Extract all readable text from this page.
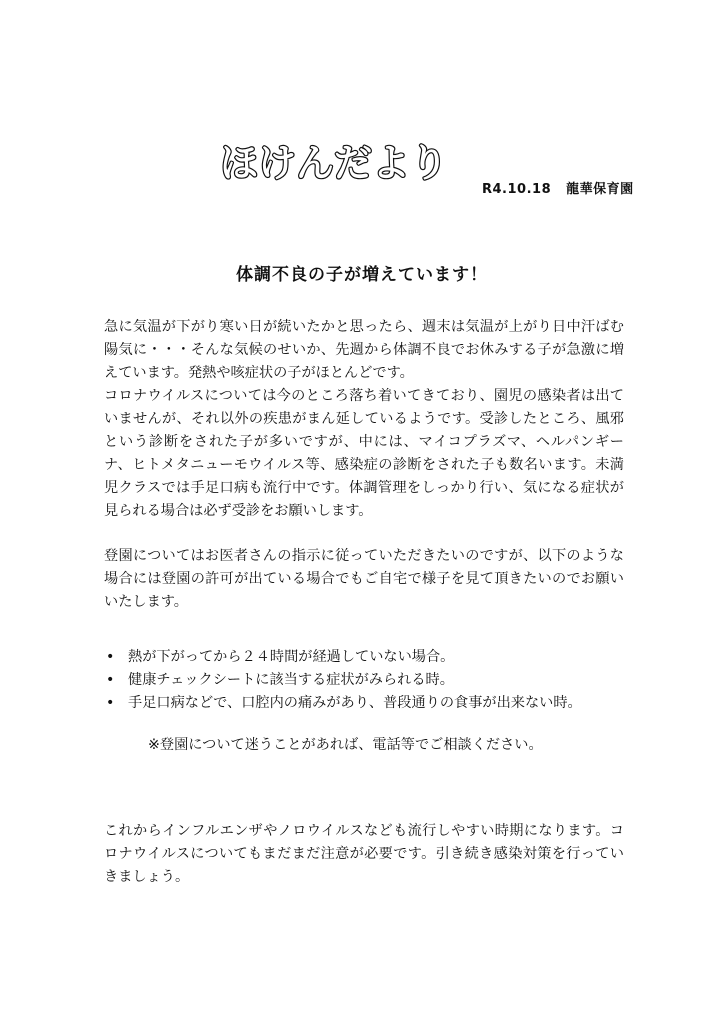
ほけんだより
R4.10.18 龍華保育園
体調不良の子が増えています！

急に気温が下がり寒い日が続いたかと思ったら、週末は気温が上がり日中汗ばむ陽気に・・・そんな気候のせいか、先週から体調不良でお休みする子が急激に増えています。発熱や咳症状の子がほとんどです。

コロナウイルスについては今のところ落ち着いてきており、園児の感染者は出ていませんが、それ以外の疾患がまん延しているようです。受診したところ、風邪という診断をされた子が多いですが、中には、マイコプラズマ、ヘルパンギーナ、ヒトメタニューモウイルス等、感染症の診断をされた子も数名います。未満児クラスでは手足口病も流行中です。体調管理をしっかり行い、気になる症状が見られる場合は必ず受診をお願いします。

登園についてはお医者さんの指示に従っていただきたいのですが、以下のような場合には登園の許可が出ている場合でもご自宅で様子を見て頂きたいのでお願いいたします。

• 熱が下がってから２４時間が経過していない場合。
• 健康チェックシートに該当する症状がみられる時。
• 手足口病などで、口腔内の痛みがあり、普段通りの食事が出来ない時。
※登園について迷うことがあれば、電話等でご相談ください。

これからインフルエンザやノロウイルスなども流行しやすい時期になります。コロナウイルスについてもまだまだ注意が必要です。引き続き感染対策を行っていきましょう。
